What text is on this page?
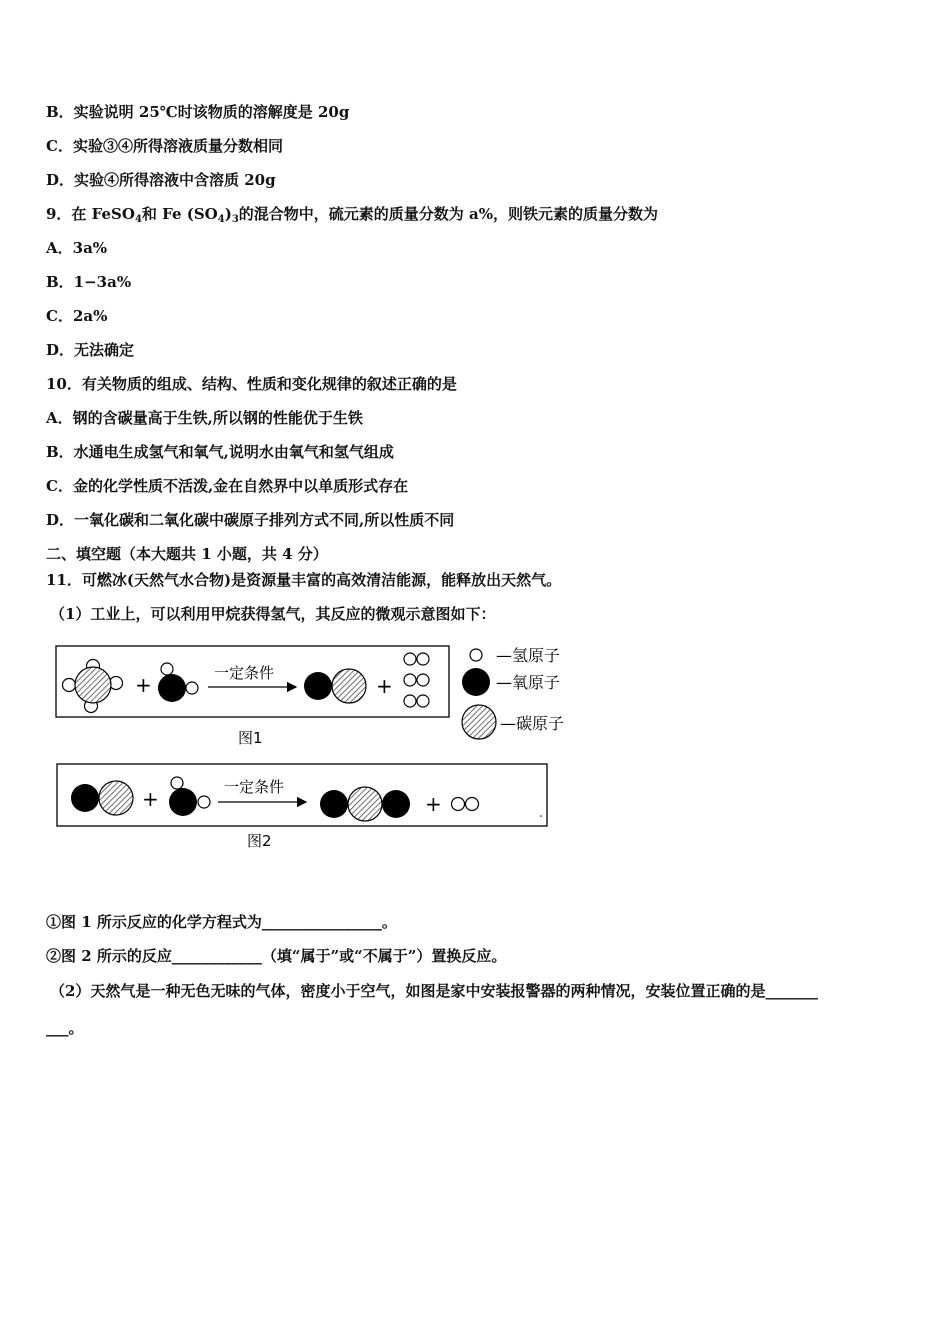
B．实验说明 25℃时该物质的溶解度是 20g
C．实验③④所得溶液质量分数相同
D．实验④所得溶液中含溶质 20g
9．在 FeSO$_4$和 Fe $(SO_4)_3$的混合物中，硫元素的质量分数为 a%，则铁元素的质量分数为
A．3a%
B．1−3a%
C．2a%
D．无法确定
10．有关物质的组成、结构、性质和变化规律的叙述正确的是
A．钢的含碳量高于生铁,所以钢的性能优于生铁
B．水通电生成氢气和氧气,说明水由氧气和氢气组成
C．金的化学性质不活泼,金在自然界中以单质形式存在
D．一氧化碳和二氧化碳中碳原子排列方式不同,所以性质不同
二、填空题（本大题共 1 小题，共 4 分）
11．可燃冰(天然气水合物)是资源量丰富的高效清洁能源，能释放出天然气。
（1）工业上，可以利用甲烷获得氢气，其反应的微观示意图如下：
+	一定条件
+
—氢原子
—氧原子
—碳原子
图1
+	一定条件
+
图2
①图 1 所示反应的化学方程式为________________。
②图 2 所示的反应____________（填“属于”或“不属于”）置换反应。
（2）天然气是一种无色无味的气体，密度小于空气，如图是家中安装报警器的两种情况，安装位置正确的是_______
___。
